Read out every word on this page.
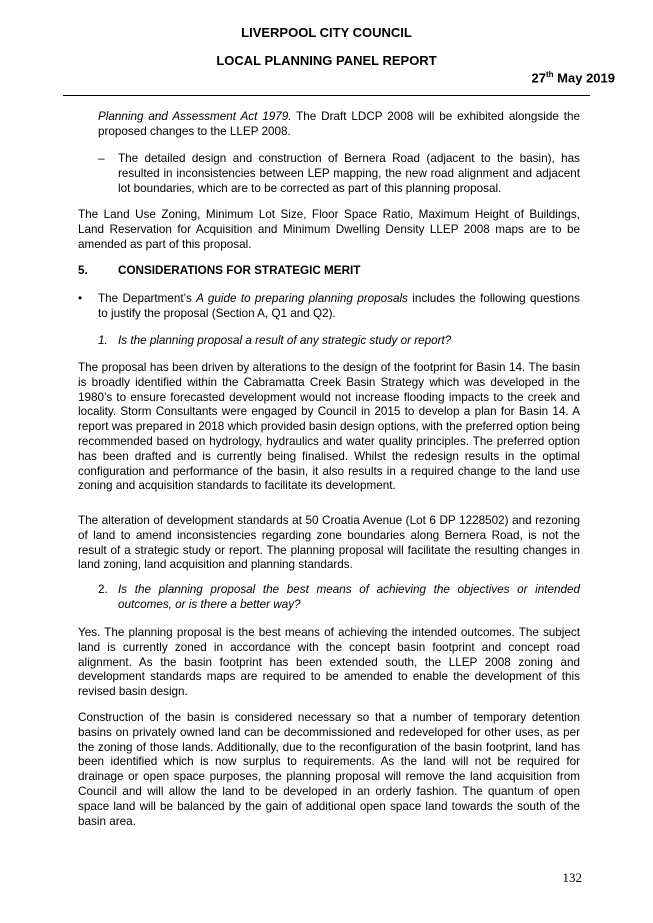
LIVERPOOL CITY COUNCIL
LOCAL PLANNING PANEL REPORT
27th May 2019
Planning and Assessment Act 1979. The Draft LDCP 2008 will be exhibited alongside the proposed changes to the LLEP 2008.
– The detailed design and construction of Bernera Road (adjacent to the basin), has resulted in inconsistencies between LEP mapping, the new road alignment and adjacent lot boundaries, which are to be corrected as part of this planning proposal.
The Land Use Zoning, Minimum Lot Size, Floor Space Ratio, Maximum Height of Buildings, Land Reservation for Acquisition and Minimum Dwelling Density LLEP 2008 maps are to be amended as part of this proposal.
5.	CONSIDERATIONS FOR STRATEGIC MERIT
• The Department’s A guide to preparing planning proposals includes the following questions to justify the proposal (Section A, Q1 and Q2).
1. Is the planning proposal a result of any strategic study or report?
The proposal has been driven by alterations to the design of the footprint for Basin 14. The basin is broadly identified within the Cabramatta Creek Basin Strategy which was developed in the 1980’s to ensure forecasted development would not increase flooding impacts to the creek and locality. Storm Consultants were engaged by Council in 2015 to develop a plan for Basin 14. A report was prepared in 2018 which provided basin design options, with the preferred option being recommended based on hydrology, hydraulics and water quality principles. The preferred option has been drafted and is currently being finalised. Whilst the redesign results in the optimal configuration and performance of the basin, it also results in a required change to the land use zoning and acquisition standards to facilitate its development.
The alteration of development standards at 50 Croatia Avenue (Lot 6 DP 1228502) and rezoning of land to amend inconsistencies regarding zone boundaries along Bernera Road, is not the result of a strategic study or report. The planning proposal will facilitate the resulting changes in land zoning, land acquisition and planning standards.
2. Is the planning proposal the best means of achieving the objectives or intended outcomes, or is there a better way?
Yes. The planning proposal is the best means of achieving the intended outcomes. The subject land is currently zoned in accordance with the concept basin footprint and concept road alignment. As the basin footprint has been extended south, the LLEP 2008 zoning and development standards maps are required to be amended to enable the development of this revised basin design.
Construction of the basin is considered necessary so that a number of temporary detention basins on privately owned land can be decommissioned and redeveloped for other uses, as per the zoning of those lands. Additionally, due to the reconfiguration of the basin footprint, land has been identified which is now surplus to requirements. As the land will not be required for drainage or open space purposes, the planning proposal will remove the land acquisition from Council and will allow the land to be developed in an orderly fashion. The quantum of open space land will be balanced by the gain of additional open space land towards the south of the basin area.
132
